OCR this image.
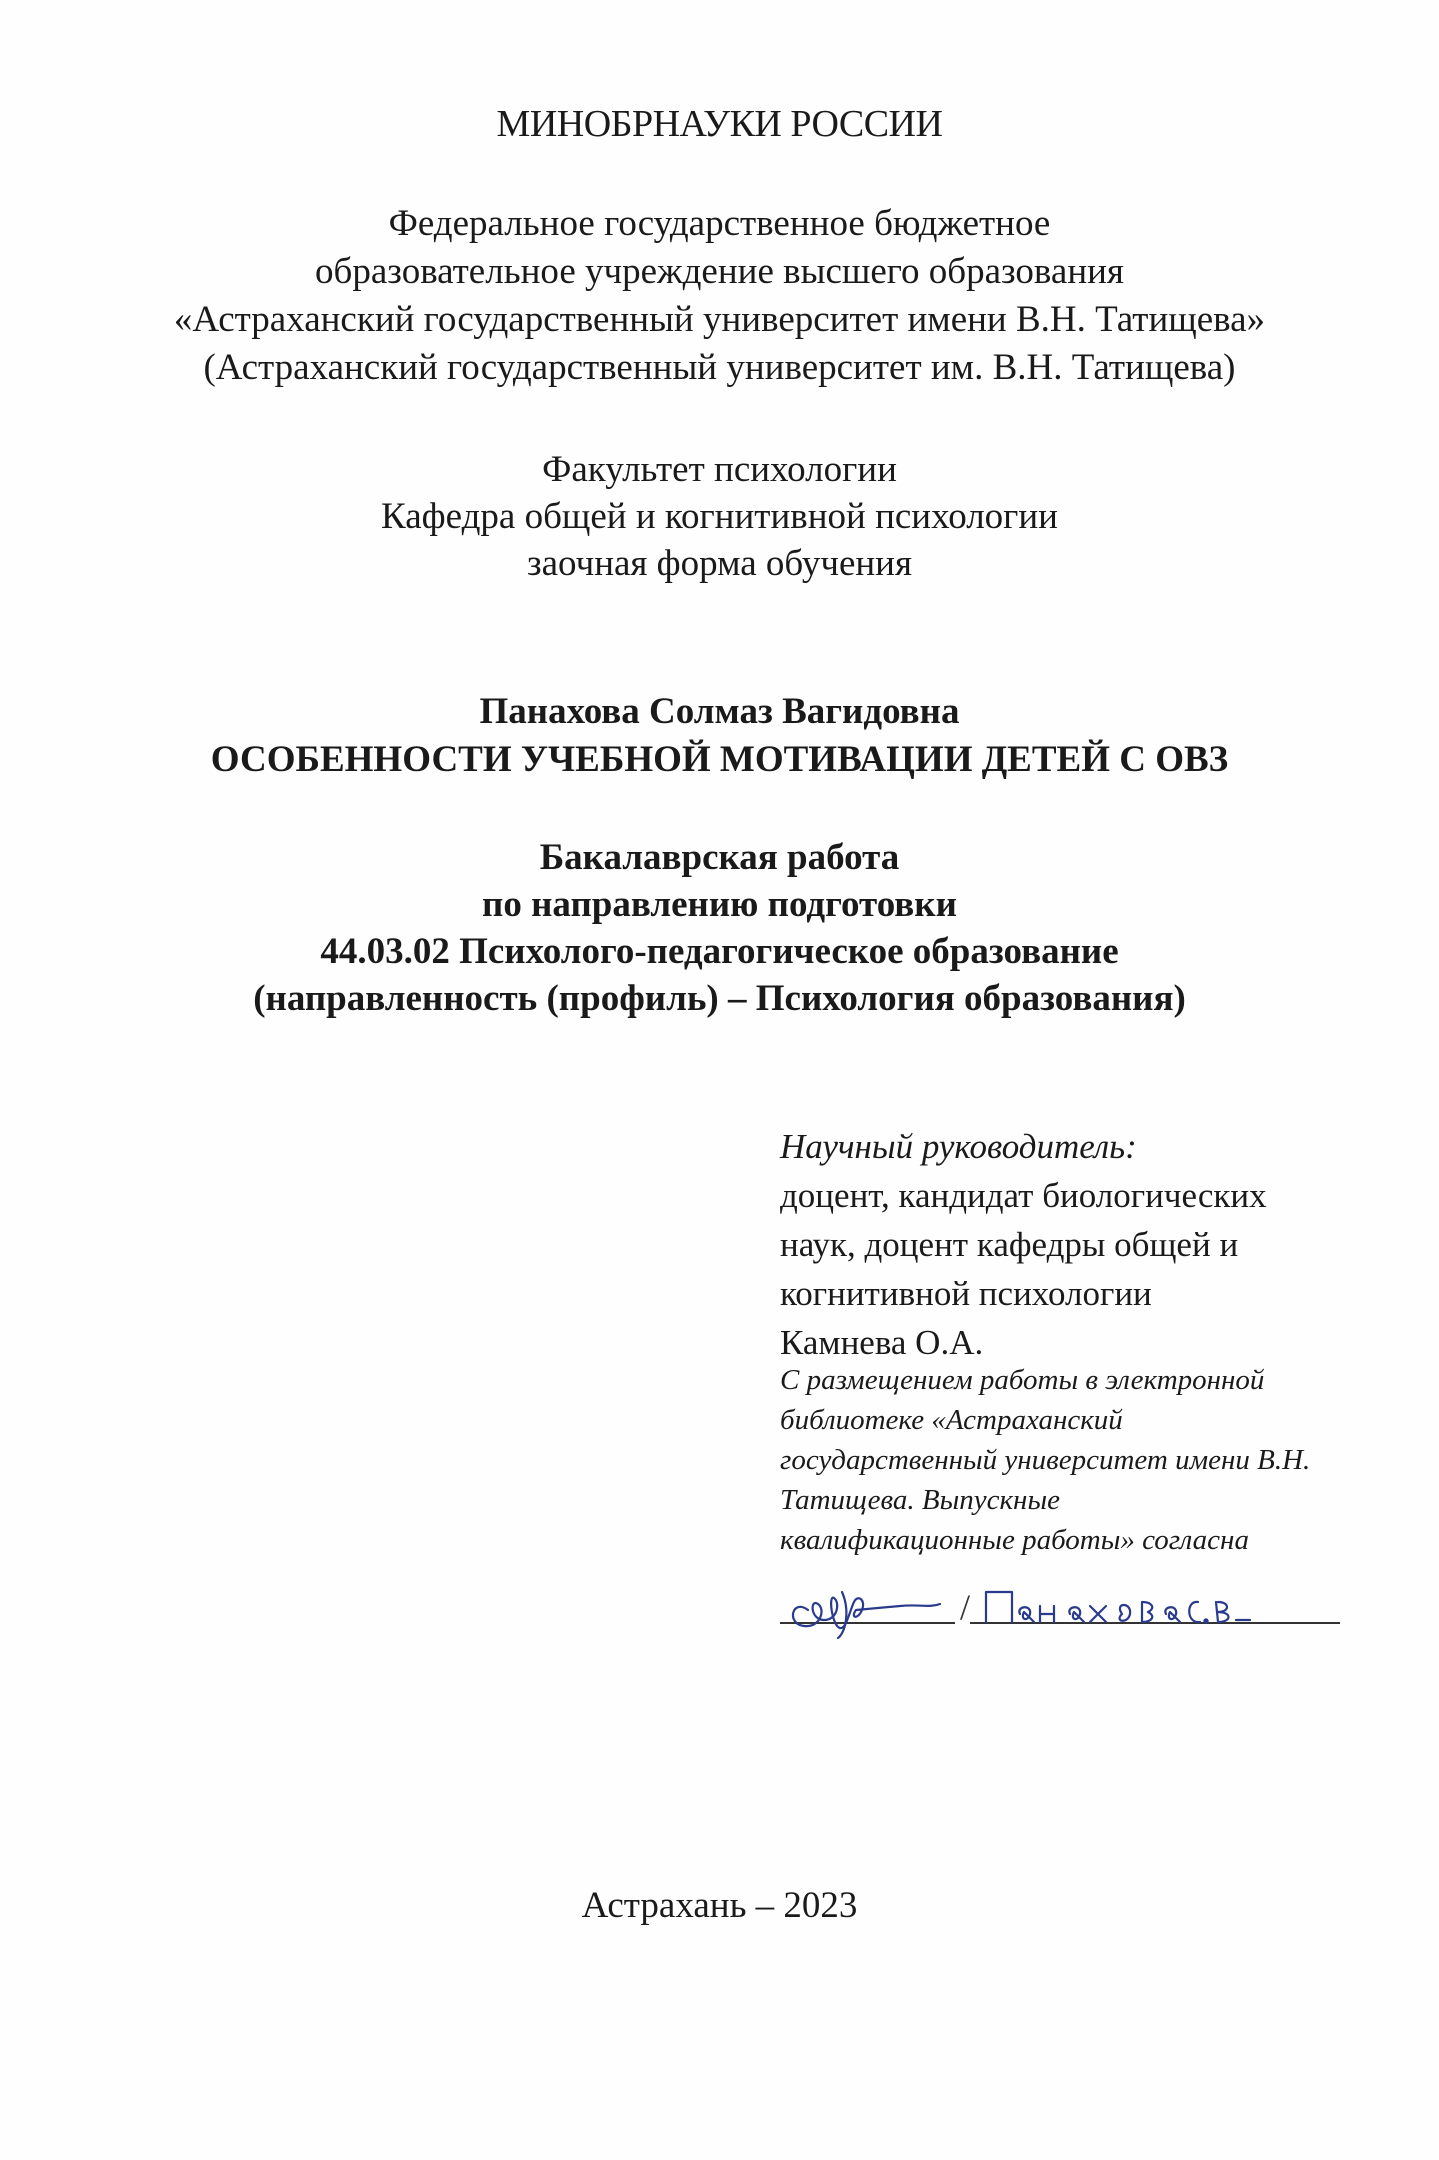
МИНОБРНАУКИ РОССИИ
Федеральное государственное бюджетное
образовательное учреждение высшего образования
«Астраханский государственный университет имени В.Н. Татищева»
(Астраханский государственный университет им. В.Н. Татищева)
Факультет психологии
Кафедра общей и когнитивной психологии
заочная форма обучения
Панахова Солмаз Вагидовна
ОСОБЕННОСТИ УЧЕБНОЙ МОТИВАЦИИ ДЕТЕЙ С ОВЗ
Бакалаврская работа
по направлению подготовки
44.03.02 Психолого-педагогическое образование
(направленность (профиль) – Психология образования)
Научный руководитель:
доцент, кандидат биологических
наук, доцент кафедры общей и
когнитивной психологии
Камнева О.А.
С размещением работы в электронной
библиотеке «Астраханский
государственный университет имени В.Н.
Татищева. Выпускные
квалификационные работы» согласна
/
Астрахань – 2023
